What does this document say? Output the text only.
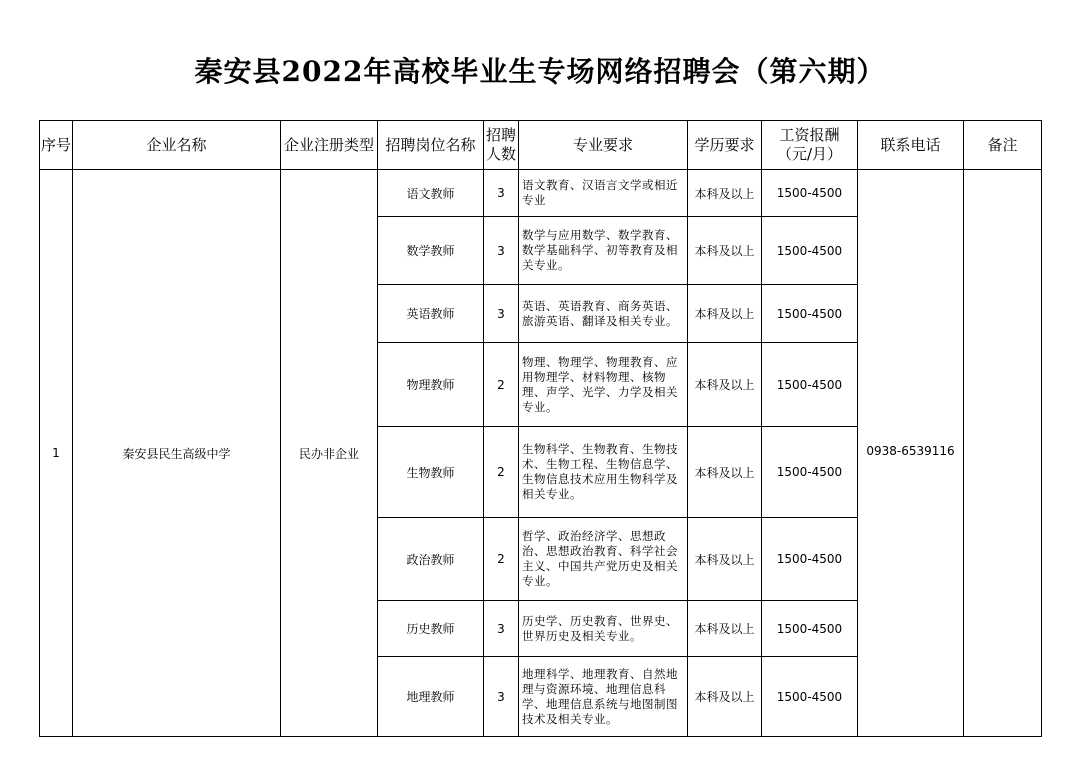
秦安县2022年高校毕业生专场网络招聘会（第六期）
序号	企业名称	企业注册类型	招聘岗位名称	招聘人数	专业要求	学历要求	工资报酬（元/月）	联系电话	备注
1	秦安县民生高级中学	民办非企业	语文教师	3	语文教育、汉语言文学或相近专业	本科及以上	1500-4500	0938-6539116	
			数学教师	3	数学与应用数学、数学教育、数学基础科学、初等教育及相关专业。	本科及以上	1500-4500		
			英语教师	3	英语、英语教育、商务英语、旅游英语、翻译及相关专业。	本科及以上	1500-4500		
			物理教师	2	物理、物理学、物理教育、应用物理学、材料物理、核物理、声学、光学、力学及相关专业。	本科及以上	1500-4500		
			生物教师	2	生物科学、生物教育、生物技术、生物工程、生物信息学、生物信息技术应用生物科学及相关专业。	本科及以上	1500-4500		
			政治教师	2	哲学、政治经济学、思想政治、思想政治教育、科学社会主义、中国共产党历史及相关专业。	本科及以上	1500-4500		
			历史教师	3	历史学、历史教育、世界史、世界历史及相关专业。	本科及以上	1500-4500		
			地理教师	3	地理科学、地理教育、自然地理与资源环境、地理信息科学、地理信息系统与地图制图技术及相关专业。	本科及以上	1500-4500		
